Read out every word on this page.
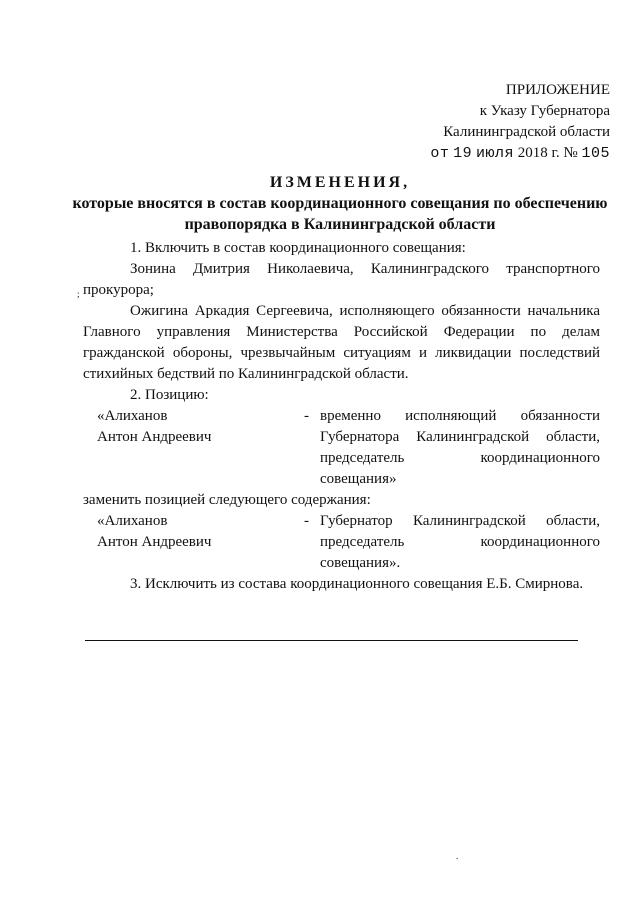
ПРИЛОЖЕНИЕ
к Указу Губернатора
Калининградской области
от 19 июля 2018 г. № 105
ИЗМЕНЕНИЯ,
которые вносятся в состав координационного совещания по обеспечению
правопорядка в Калининградской области
;

1. Включить в состав координационного совещания:

Зонина Дмитрия Николаевича, Калининградского транспортного

прокурора;

Ожигина Аркадия Сергеевича, исполняющего обязанности начальника Главного управления Министерства Российской Федерации по делам гражданской обороны, чрезвычайным ситуациям и ликвидации последствий стихийных бедствий по Калининградской области.

2. Позицию:

«Алиханов
Антон Андреевич
- временно исполняющий обязанности
Губернатора Калининградской области,
председатель координационного
совещания»

заменить позицией следующего содержания:

«Алиханов
Антон Андреевич
- Губернатор Калининградской области,
председатель координационного
совещания».

3. Исключить из состава координационного совещания Е.Б. Смирнова.

.
